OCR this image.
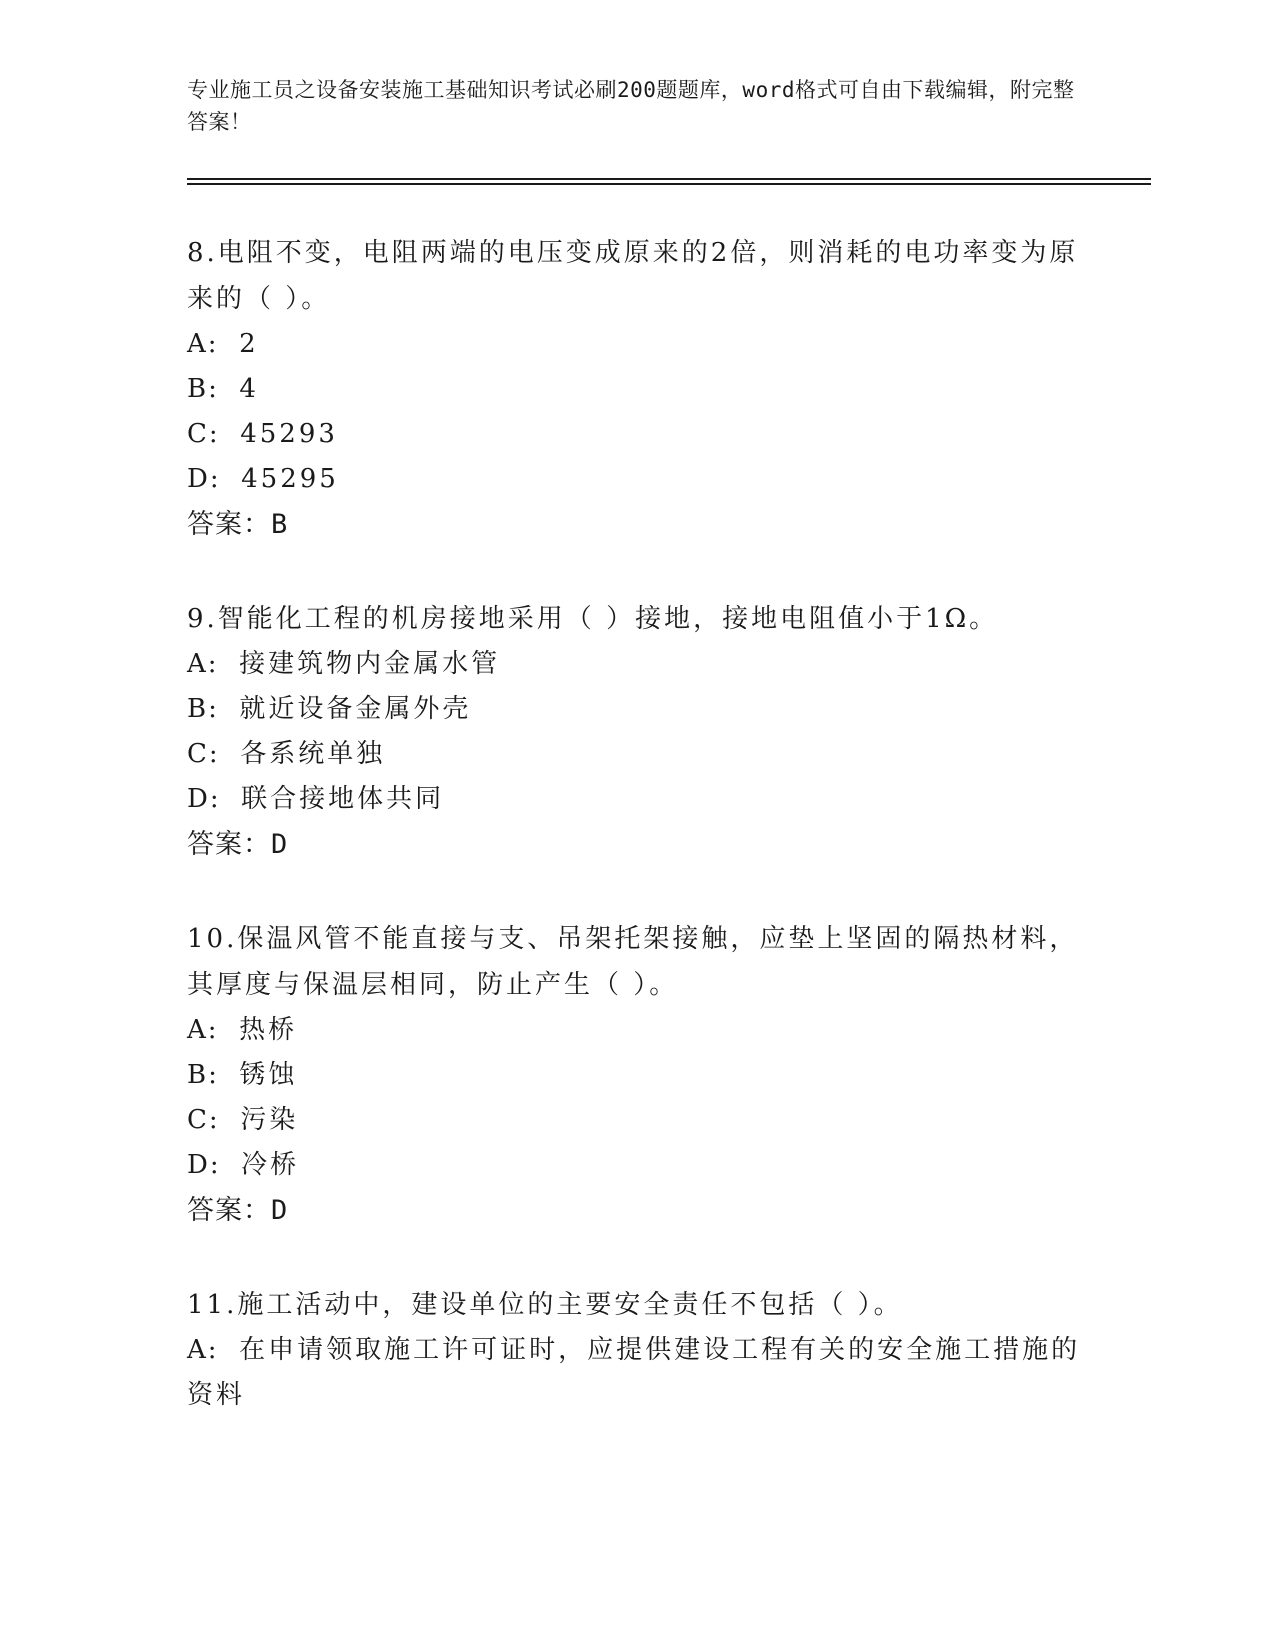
专业施工员之设备安装施工基础知识考试必刷200题题库，word格式可自由下载编辑，附完整答案！

8.电阻不变，电阻两端的电压变成原来的2倍，则消耗的电功率变为原来的（ ）。

A: 2

B: 4

C: 45293

D: 45295

答案：B

9.智能化工程的机房接地采用（ ）接地，接地电阻值小于1Ω。

A: 接建筑物内金属水管

B: 就近设备金属外壳

C: 各系统单独

D: 联合接地体共同

答案：D

10.保温风管不能直接与支、吊架托架接触，应垫上坚固的隔热材料，其厚度与保温层相同，防止产生（ ）。

A: 热桥

B: 锈蚀

C: 污染

D: 冷桥

答案：D

11.施工活动中，建设单位的主要安全责任不包括（ ）。

A: 在申请领取施工许可证时，应提供建设工程有关的安全施工措施的资料
